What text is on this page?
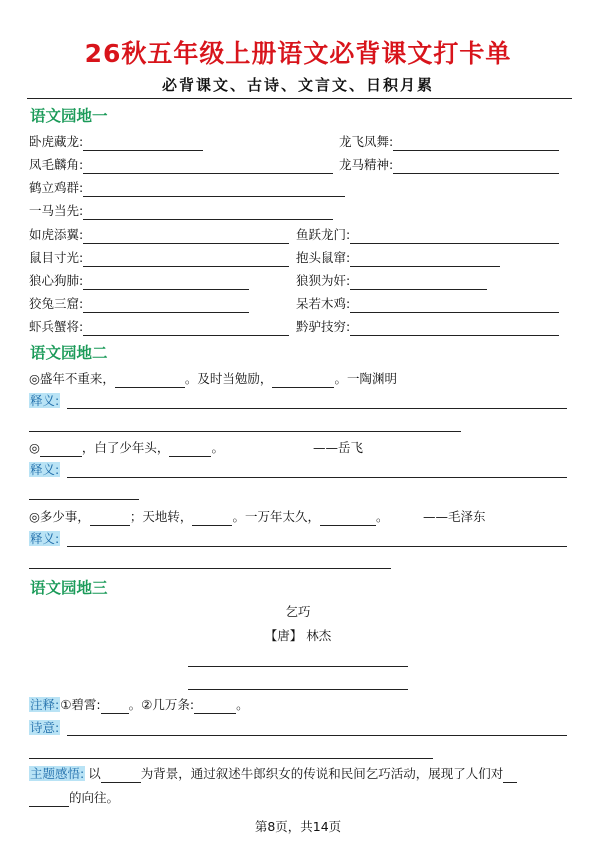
26秋五年级上册语文必背课文打卡单
必背课文、古诗、文言文、日积月累
语文园地一
卧虎藏龙:	龙飞凤舞:
凤毛麟角:	龙马精神:
鹤立鸡群:
一马当先:
如虎添翼:	鱼跃龙门:
鼠目寸光:	抱头鼠窜:
狼心狗肺:	狼狈为奸:
狡兔三窟:	呆若木鸡:
虾兵蟹将:	黔驴技穷:
语文园地二
◎盛年不重来，	。及时当勉励，	。一陶渊明
释义:
◎	，白了少年头，	。	——岳飞
释义:
◎多少事，	；天地转，	。一万年太久，	。	——毛泽东
释义:
语文园地三
乞巧
【唐】 林杰
注释:①碧霄: 。②几万条:	。
诗意:
主题感悟: 以	为背景，通过叙述牛郎织女的传说和民间乞巧活动，展现了人们对
的向往。
第8页，共14页
